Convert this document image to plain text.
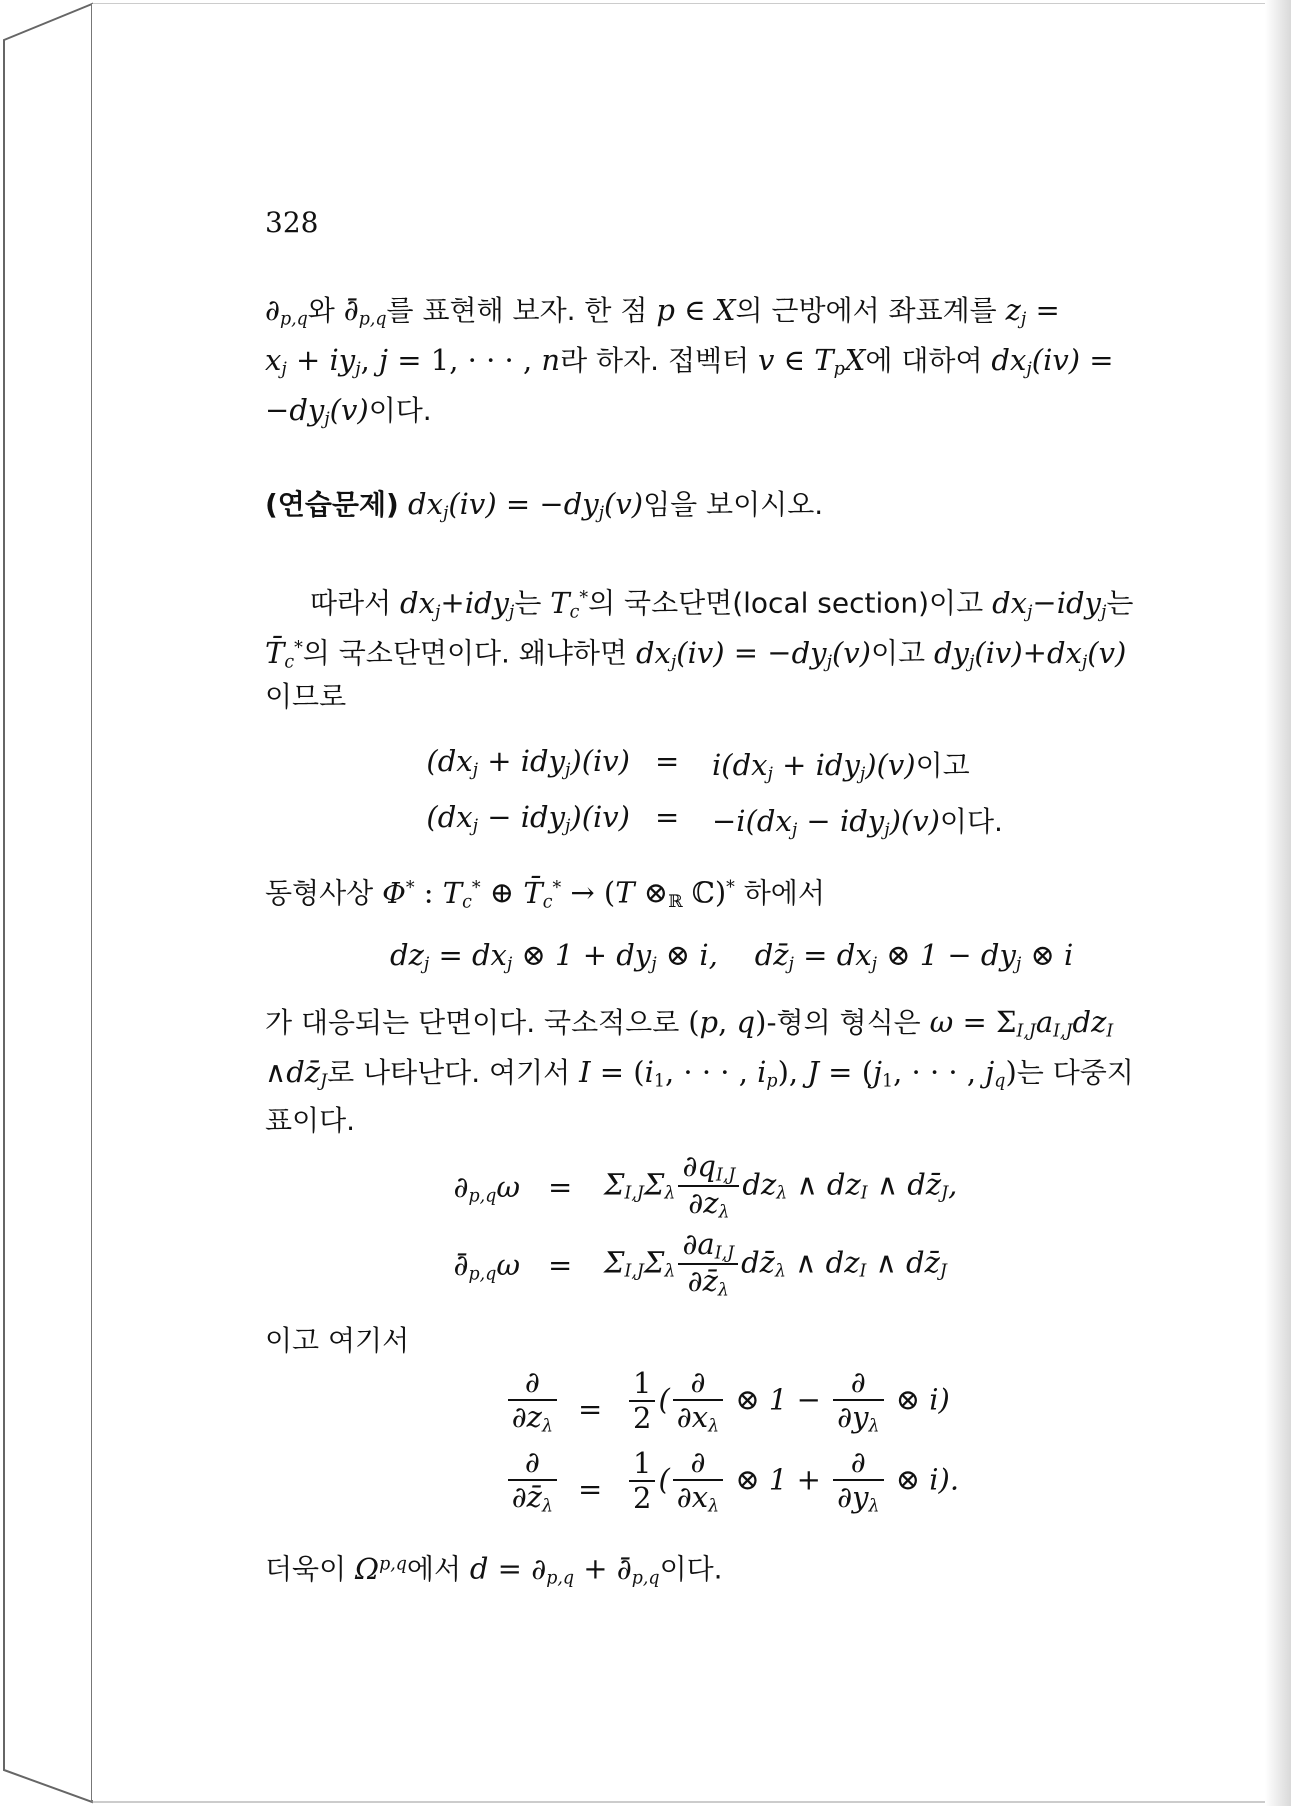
328
$\partial_{p,q}$와 $\partial̄_{p,q}$를 표현해 보자. 한 점 p ∈ X의 근방에서 좌표계를 $z_j$ =
$x_j + iy_j$, j = 1, · · · , n라 하자. 접벡터 v ∈ $T_pX$에 대하여 $dx_j(iv)$ =
$-dy_j(v)$이다.
(연습문제) $dx_j(iv) = -dy_j(v)$임을 보이시오.
따라서 $dx_j+idy_j$는 $T_c^*$의 국소단면(local section)이고 $dx_j-idy_j$는
$T̄_c^*$의 국소단면이다. 왜냐하면 $dx_j(iv) = -dy_j(v)$이고 $dy_j(iv)+dx_j(v)$
이므로
$(dx_j + idy_j)(iv) = i(dx_j + idy_j)(v)$이고
$(dx_j - idy_j)(iv) = -i(dx_j - idy_j)(v)$이다.
동형사상 Φ* : $T_c^*$ ⊕ $T̄_c^* \to (T$ $\otimes_ℝ$ ℂ)* 하에서
$dz_j = dx_j$ ⊗ $1 + dy_j$ ⊗ i,    $dz̄_j = dx_j$ ⊗ $1 - dy_j$ ⊗ i
가 대응되는 단면이다. 국소적으로 (p, q)-형의 형식은 $\omega = \Sigma_{I,J}a_{I,J}dz_I$
$\wedge dz̄_J$로 나타난다. 여기서 $I = (i_1$, · · · , $i_p$), $J = (j_1$, · · · , $j_q$)는 다중지
표이다.
$\partial_{p,q}\omega = \Sigma_{I,J}\Sigma_\lambda \frac{\partial q_{I,J}}{\partial z_\lambda} dz_\lambda$ ∧ $dz_I$ ∧ $dz̄_J$,
$\partial̄_{p,q}\omega = \Sigma_{I,J}\Sigma_\lambda \frac{\partial a_{I,J}}{\partial z̄_\lambda}$ $dz̄_\lambda$ ∧ $dz_I$ ∧ $dz̄_J$
이고 여기서
$\frac{\partial}{\partial z_\lambda} = \frac{1}{2}$ ( $\frac{\partial}{\partial x_\lambda}$ ⊗ $1 - \frac{\partial}{\partial y_\lambda}$ ⊗ i)
$\frac{\partial}{\partial z̄_\lambda} = \frac{1}{2}$ ( $\frac{\partial}{\partial x_\lambda}$ ⊗ $1 + \frac{\partial}{\partial y_\lambda}$ ⊗ i).
더욱이 Ω$^{p,q}$에서 $d = \partial_{p,q}$ + $\partial̄_{p,q}$이다.
